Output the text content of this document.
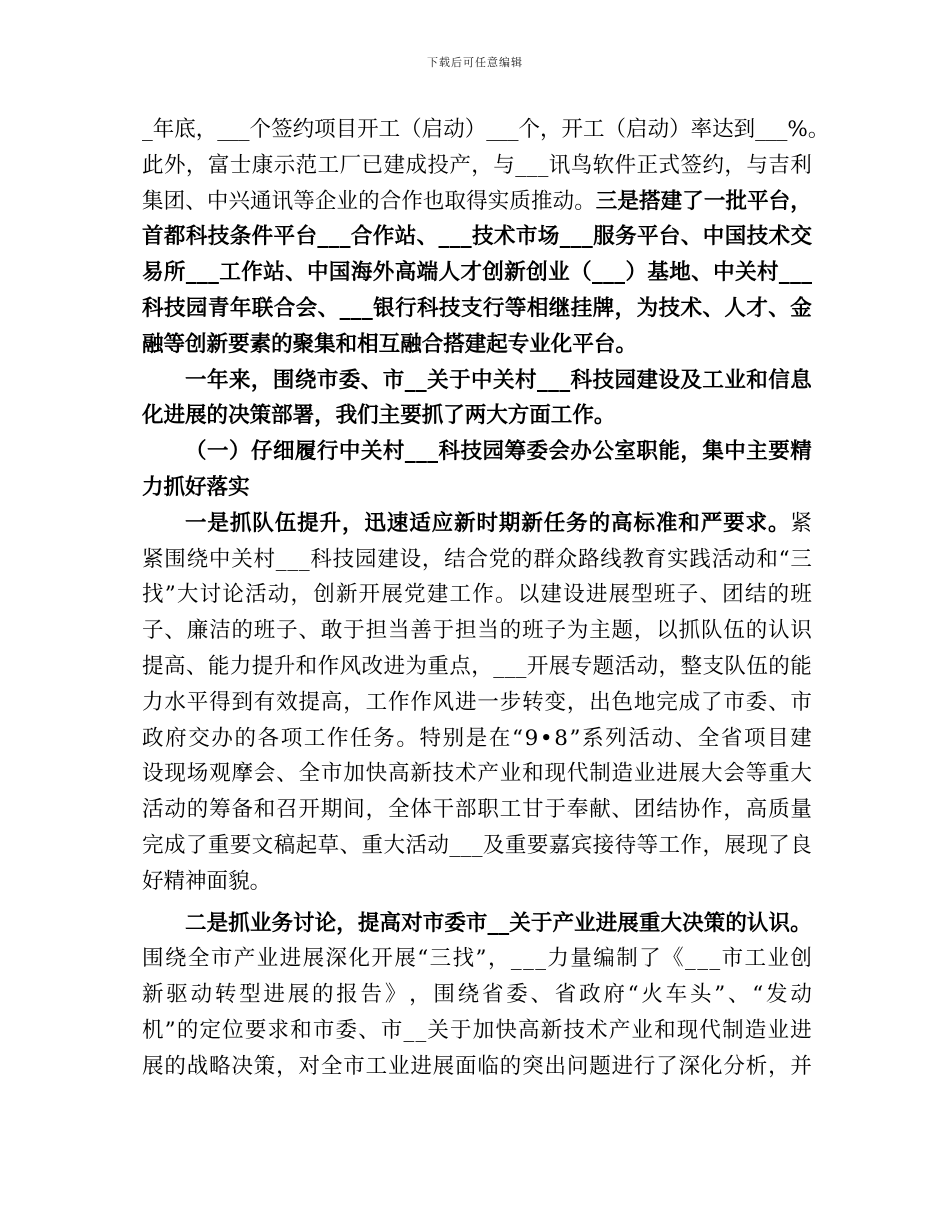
下载后可任意编辑
_ 年 底 ， _ _ _ 个 签 约 项 目 开 工 （ 启 动 ） _ _ _ 个 ， 开 工 （ 启 动 ） 率 达 到 _ _ _ % 。
此 外 ， 富 士 康 示 范 工 厂 已 建 成 投 产 ， 与 _ _ _ 讯 鸟 软 件 正 式 签 约 ， 与 吉 利
集 团 、 中 兴 通 讯 等 企 业 的 合 作 也 取 得 实 质 推 动 。 三 是 搭 建 了 一 批 平 台 ，
首 都 科 技 条 件 平 台 _ _ _ 合 作 站 、 _ _ _ 技 术 市 场 _ _ _ 服 务 平 台 、 中 国 技 术 交
易 所 _ _ _ 工 作 站 、 中 国 海 外 高 端 人 才 创 新 创 业 （ _ _ _ ） 基 地 、 中 关 村 _ _ _
科 技 园 青 年 联 合 会 、 _ _ _ 银 行 科 技 支 行 等 相 继 挂 牌 ， 为 技 术 、 人 才 、 金
融 等 创 新 要 素 的 聚 集 和 相 互 融 合 搭 建 起 专 业 化 平 台 。
一 年 来 ， 围 绕 市 委 、 市 _ _ 关 于 中 关 村 _ _ _ 科 技 园 建 设 及 工 业 和 信 息
化 进 展 的 决 策 部 署 ， 我 们 主 要 抓 了 两 大 方 面 工 作 。
（ 一 ） 仔 细 履 行 中 关 村 _ _ _ 科 技 园 筹 委 会 办 公 室 职 能 ， 集 中 主 要 精
力 抓 好 落 实
一 是 抓 队 伍 提 升 ， 迅 速 适 应 新 时 期 新 任 务 的 高 标 准 和 严 要 求 。 紧
紧 围 绕 中 关 村 _ _ _ 科 技 园 建 设 ， 结 合 党 的 群 众 路 线 教 育 实 践 活 动 和 “ 三
找 ” 大 讨 论 活 动 ， 创 新 开 展 党 建 工 作 。 以 建 设 进 展 型 班 子 、 团 结 的 班
子 、 廉 洁 的 班 子 、 敢 于 担 当 善 于 担 当 的 班 子 为 主 题 ， 以 抓 队 伍 的 认 识
提 高 、 能 力 提 升 和 作 风 改 进 为 重 点 ， _ _ _ 开 展 专 题 活 动 ， 整 支 队 伍 的 能
力 水 平 得 到 有 效 提 高 ， 工 作 作 风 进 一 步 转 变 ， 出 色 地 完 成 了 市 委 、 市
政 府 交 办 的 各 项 工 作 任 务 。 特 别 是 在 “ 9 • 8 ” 系 列 活 动 、 全 省 项 目 建
设 现 场 观 摩 会 、 全 市 加 快 高 新 技 术 产 业 和 现 代 制 造 业 进 展 大 会 等 重 大
活 动 的 筹 备 和 召 开 期 间 ， 全 体 干 部 职 工 甘 于 奉 献 、 团 结 协 作 ， 高 质 量
完 成 了 重 要 文 稿 起 草 、 重 大 活 动 _ _ _ 及 重 要 嘉 宾 接 待 等 工 作 ， 展 现 了 良
好 精 神 面 貌 。
二 是 抓 业 务 讨 论 ， 提 高 对 市 委 市 _ _ 关 于 产 业 进 展 重 大 决 策 的 认 识 。
围 绕 全 市 产 业 进 展 深 化 开 展 “ 三 找 ” ， _ _ _ 力 量 编 制 了 《 _ _ _ 市 工 业 创
新 驱 动 转 型 进 展 的 报 告 》 ， 围 绕 省 委 、 省 政 府 “ 火 车 头 ” 、 “ 发 动
机 ” 的 定 位 要 求 和 市 委 、 市 _ _ 关 于 加 快 高 新 技 术 产 业 和 现 代 制 造 业 进
展 的 战 略 决 策 ， 对 全 市 工 业 进 展 面 临 的 突 出 问 题 进 行 了 深 化 分 析 ， 并
